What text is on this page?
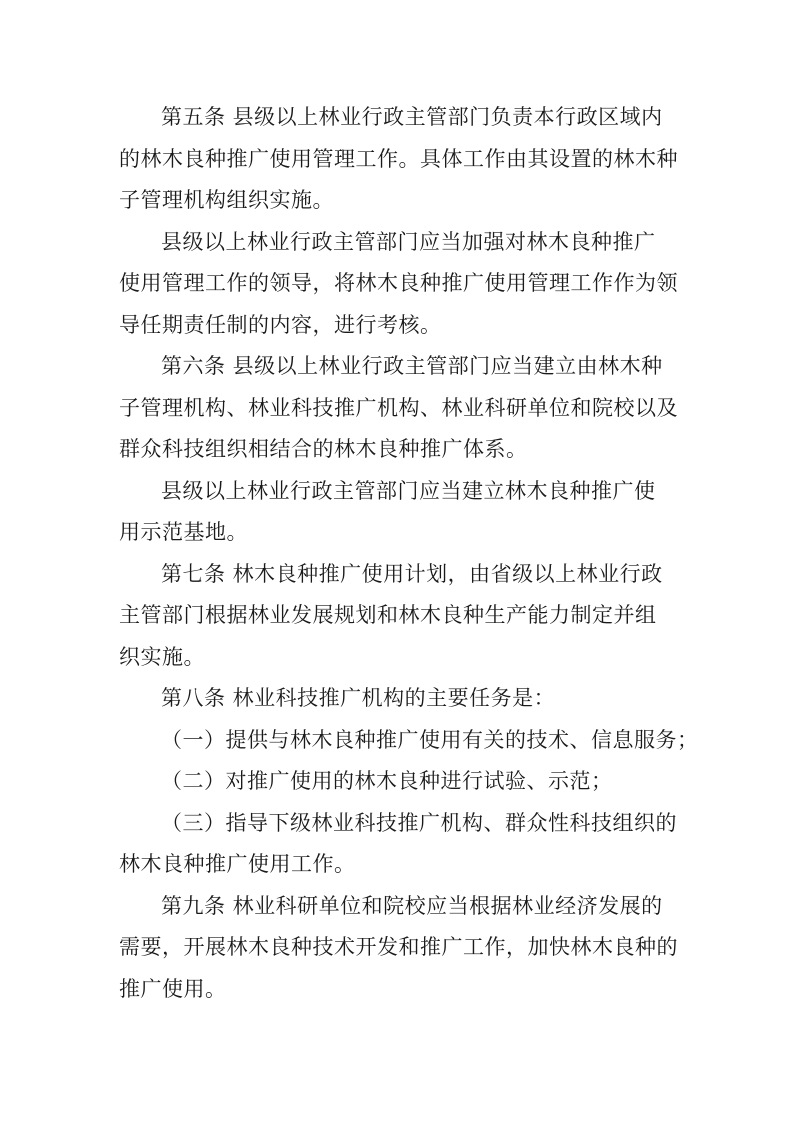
第五条 县级以上林业行政主管部门负责本行政区域内
的林木良种推广使用管理工作。具体工作由其设置的林木种
子管理机构组织实施。
县级以上林业行政主管部门应当加强对林木良种推广
使用管理工作的领导，将林木良种推广使用管理工作作为领
导任期责任制的内容，进行考核。
第六条 县级以上林业行政主管部门应当建立由林木种
子管理机构、林业科技推广机构、林业科研单位和院校以及
群众科技组织相结合的林木良种推广体系。
县级以上林业行政主管部门应当建立林木良种推广使
用示范基地。
第七条 林木良种推广使用计划，由省级以上林业行政
主管部门根据林业发展规划和林木良种生产能力制定并组
织实施。
第八条 林业科技推广机构的主要任务是：
（一）提供与林木良种推广使用有关的技术、信息服务；
（二）对推广使用的林木良种进行试验、示范；
（三）指导下级林业科技推广机构、群众性科技组织的
林木良种推广使用工作。
第九条 林业科研单位和院校应当根据林业经济发展的
需要，开展林木良种技术开发和推广工作，加快林木良种的
推广使用。
